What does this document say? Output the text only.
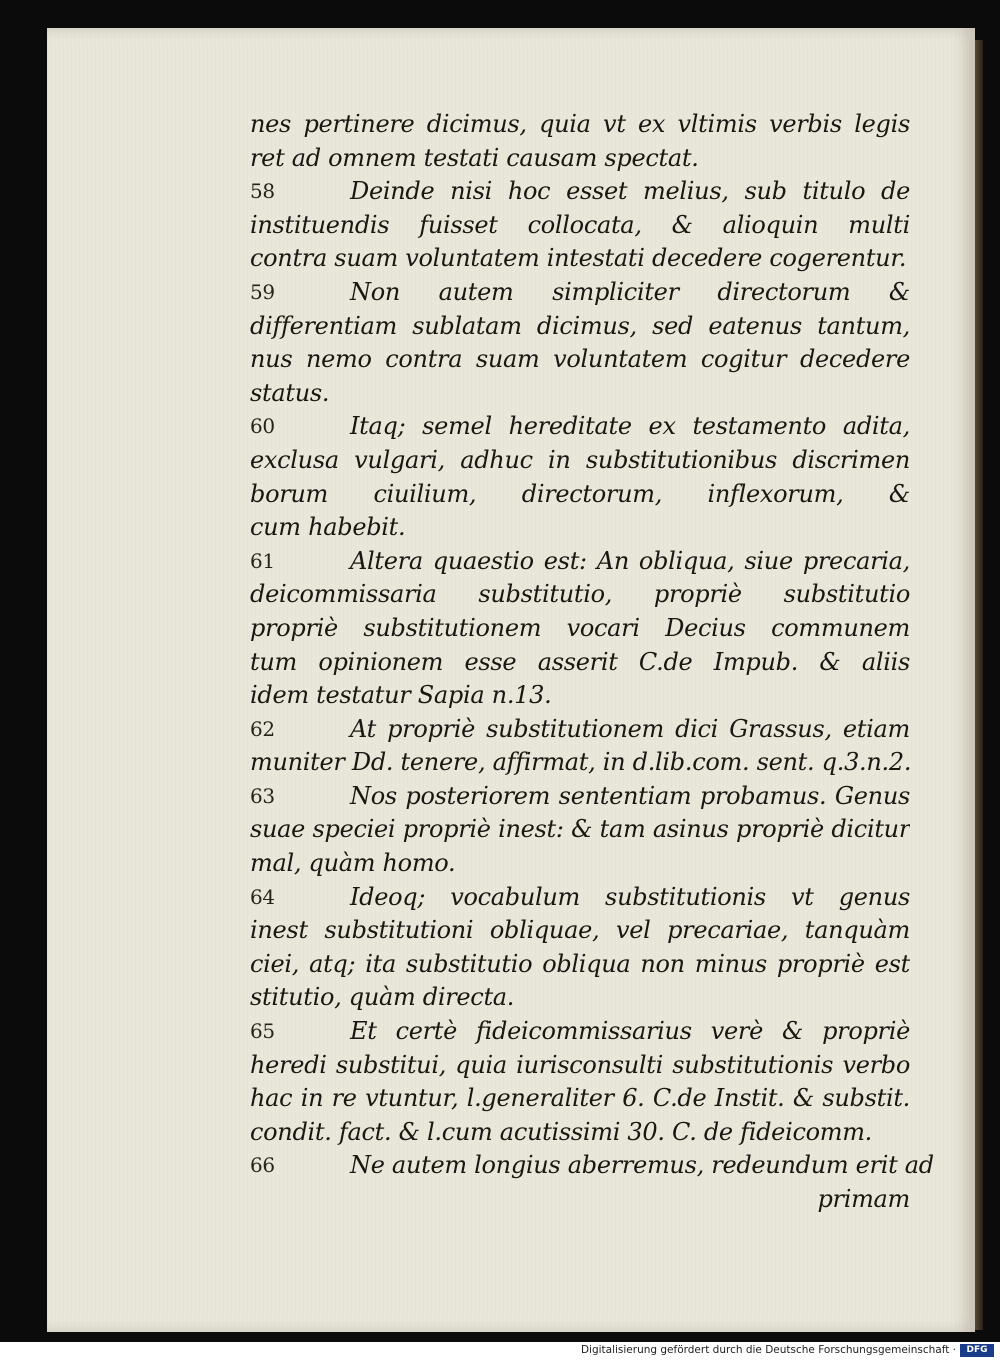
nes pertinere dicimus, quia vt ex vltimis verbis legis
ret ad omnem testati causam spectat.
58	Deinde nisi hoc esset melius, sub titulo de
instituendis fuisset collocata, & alioquin multi
contra suam voluntatem intestati decedere cogerentur.
59	Non autem simpliciter directorum &
differentiam sublatam dicimus, sed eatenus tantum,
nus nemo contra suam voluntatem cogitur decedere
status.
60	Itaq; semel hereditate ex testamento adita,
exclusa vulgari, adhuc in substitutionibus discrimen
borum ciuilium, directorum, inflexorum, &
cum habebit.
61	Altera quaestio est: An obliqua, siue precaria,
deicommissaria substitutio, propriè substitutio
propriè substitutionem vocari Decius communem
tum opinionem esse asserit C.de Impub. & aliis
idem testatur Sapia n.13.
62	At propriè substitutionem dici Grassus, etiam
muniter Dd. tenere, affirmat, in d.lib.com. sent. q.3.n.2.
63	Nos posteriorem sententiam probamus. Genus
suae speciei propriè inest: & tam asinus propriè dicitur
mal, quàm homo.
64	Ideoq; vocabulum substitutionis vt genus
inest substitutioni obliquae, vel precariae, tanquàm
ciei, atq; ita substitutio obliqua non minus propriè est
stitutio, quàm directa.
65	Et certè fideicommissarius verè & propriè
heredi substitui, quia iurisconsulti substitutionis verbo
hac in re vtuntur, l.generaliter 6. C.de Instit. & substit.
condit. fact. & l.cum acutissimi 30. C. de fideicomm.
66	Ne autem longius aberremus, redeundum erit ad
primam
Digitalisierung gefördert durch die Deutsche Forschungsgemeinschaft ·	DFG
